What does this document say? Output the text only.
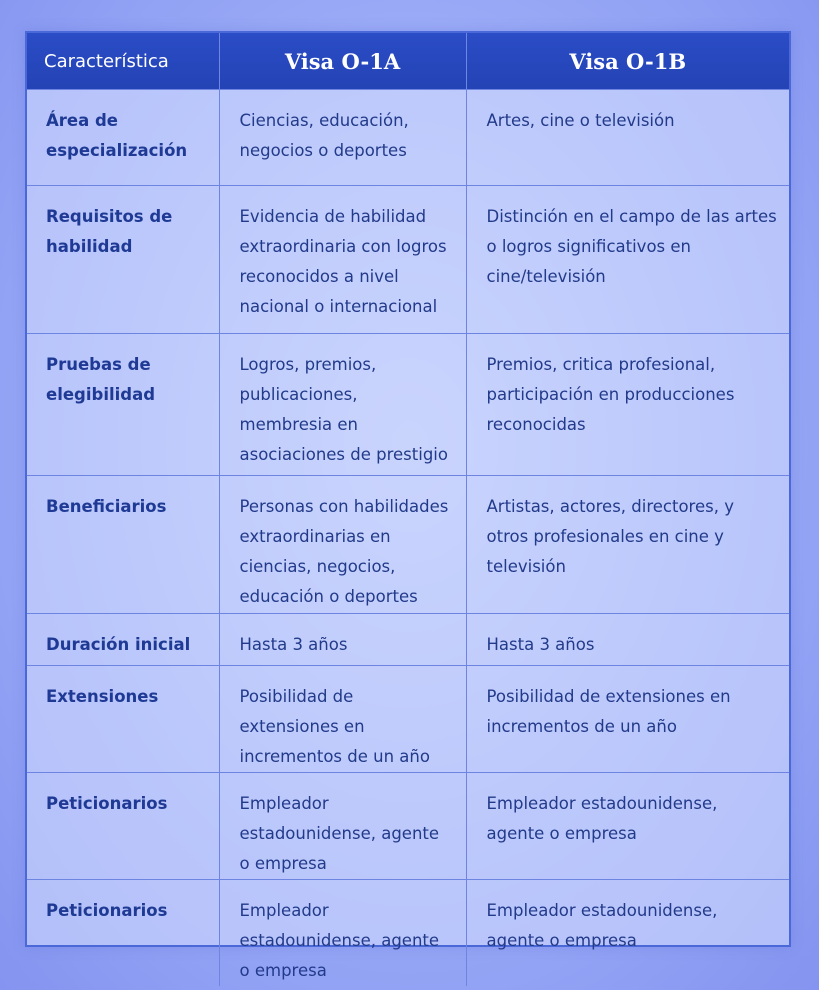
Característica	Visa O-1A	Visa O-1B
Área de especialización	Ciencias, educación, negocios o deportes	Artes, cine o televisión
Requisitos de habilidad	Evidencia de habilidad extraordinaria con logros reconocidos a nivel nacional o internacional	Distinción en el campo de las artes o logros significativos en cine/televisión
Pruebas de elegibilidad	Logros, premios, publicaciones, membresia en asociaciones de prestigio	Premios, critica profesional, participación en producciones reconocidas
Beneficiarios	Personas con habilidades extraordinarias en ciencias, negocios, educación o deportes	Artistas, actores, directores, y otros profesionales en cine y televisión
Duración inicial	Hasta 3 años	Hasta 3 años
Extensiones	Posibilidad de extensiones en incrementos de un año	Posibilidad de extensiones en incrementos de un año
Peticionarios	Empleador estadounidense, agente o empresa	Empleador estadounidense, agente o empresa
Peticionarios	Empleador estadounidense, agente o empresa	Empleador estadounidense, agente o empresa
